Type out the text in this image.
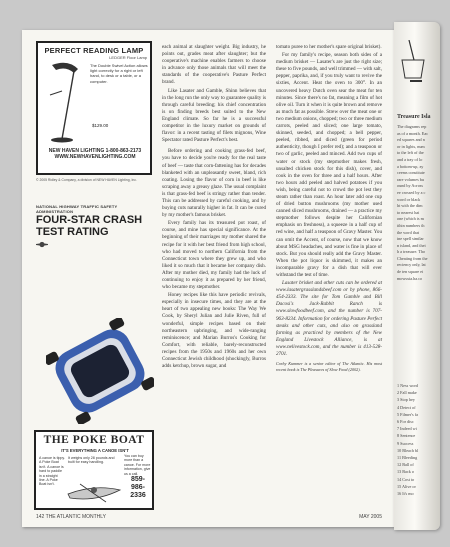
PERFECT READING LAMP
LEDGER Floor Lamp
The Double Swivel Action allows light correctly for a right or left hand, to desk or a table, or a computer.
$129.00
NEW HAVEN LIGHTING 1-800-863-2173
WWW.NEWHAVENLIGHTING.COM
© 2005 Ridley & Company, a division of NEW HAVEN Lighting, Inc.
NATIONAL HIGHWAY TRAFFIC SAFETY ADMINISTRATION
FOUR-STAR CRASH
TEST RATING
THE POKE BOAT
IT'S EVERYTHING A CANOE ISN'T
A canoe is tippy. A Poke Boat isn't. A canoe is hard to paddle in a straight line. A Poke Boat isn't.
It weighs only 28 pounds and built for easy handling.
You can buy more than a canoe. For more information, give us a call.
859-
986-
2336

each animal at slaughter weight. Big industry, he points out, grades meat after slaughter; but the cooperative's machine enables farmers to choose in advance only those animals that will meet the standards of the cooperative's Pasture Perfect brand.

Like Lasater and Gamble, Shinn believes that in the long run the only way to guarantee quality is through careful breeding; his chief concentration is on finding breeds best suited to the New England climate. So far he is a successful competitor in the luxury market on grounds of flavor: in a recent tasting of filets mignons, Wine Spectator rated Pasture Perfect's best.

Before ordering and cooking grass-fed beef, you have to decide you're ready for the real taste of beef — taste that corn-fattening has for decades blanketed with an unpleasantly sweet, bland, rich coating. Losing the flavor of corn in beef is like scraping away a greasy glaze. The usual complaint is that grass-fed beef is stringy rather than tender. This can be addressed by careful cooking, and by buying cuts naturally higher in fat. It can be cured by my mother's famous brisket.

Every family has its treasured pot roast, of course, and mine has special significance. At the beginning of their marriages my mother shared the recipe for it with her best friend from high school, who had moved to northern California from the Connecticut town where they grew up, and who liked it so much that it became her company dish. After my mother died, my family had the luck of continuing to enjoy it as prepared by her friend, who became my stepmother.

Honey recipes like this have periodic revivals, especially in insecure times, and they are at the heart of two appealing new books: The Way We Cook, by Sheryl Julian and Julie Riven, full of wonderful, simple recipes based on their northeastern upbringing, and wide-ranging reminiscence; and Marian Burros's Cooking for Comfort, with reliable, barely-reconstructed recipes from the 1950s and 1960s and her own Connecticut Jewish childhood (shockingly, Burros adds ketchup, brown sugar, and

tomato puree to her mother's spare original brisket).

For my family's recipe, season both sides of a medium brisket — Lasater's are just the right size; these to five pounds, and well trimmed — with salt, pepper, paprika, and, if you truly want to revive the sixties, Accent. Heat the oven to 300°. In an uncovered heavy Dutch oven sear the meat for ten minutes. Since there's no fat, meaning a film of hot olive oil. Turn it when it is quite brown and remove as much fat as possible. Strew over the meat one or two medium onions, chopped; two or three medium carrots, peeled and sliced; one large tomato, skinned, seeded, and chopped; a bell pepper, peeled, ribbed, and diced (green for period authenticity, though I prefer red); and a teaspoon or two of garlic, peeled and minced. Add two cups of water or stock (my stepmother makes fresh, unsalted chicken stock for this dish), cover, and cook in the oven for three and a half hours. After two hours add peeled and halved potatoes if you wish, being careful not to crowd the pot lest they steam rather than roast. An hour later add one cup of dried button mushrooms (my mother used canned sliced mushrooms, drained — a practice my stepmother follows despite her Californian emphasis on freshness), a squeeze in a half cup of red wine, and half a teaspoon of Gravy Master. You can omit the Accent, of course, now that we know about MSG headaches, and water is fine in place of stock. But you should really add the Gravy Master. When the pot liquor is skimmed, it makes an incomparable gravy for a dish that will ever withstand the test of time.

Lasater brisket and other cuts can be ordered at www.lasatergrasslandsbeef.com or by phone, 866-454-2333. The site for Tom Gamble and Bill Dacosi's Jack-Rabbit Ranch is www.slowfoodbeef.com, and the number is 707-963-8234. Information for ordering Pasture Perfect steaks and other cuts, and also on grassland farming as practiced by members of the New England Livestock Alliance, is at www.nelivestock.com, and the number is 413-528-2701.

Corby Kummer is a senior editor of The Atlantic. His most recent book is The Pleasures of Slow Food (2002).

142 THE ATLANTIC MONTHLY	MAY 2005
Treasure Isla
The diagrams rep
as of a month. Eac
ed squares and n
or in lights, num
to the left of the
and a tray of lo
a bottom-up, zy
ceems constitute
rare volumes bu
ound by Across
ee crossed by a c
word or black
ht with the dim
to nearest hai
one (which is m
ithin numbers th
the word that
ine spell similar
n island, and thei
h a treasure. Tho
Cheating from the
reciency only, lat
de ten square ei
mowsxia.ha.co
1 Ness word
2 Fall make
3 Stop hey
4 Detect of
5 Filmer's fa
6 For disc
7 Indeed wi
8 Sentence
9 Success
10 Bleach bl
11 Bleeding
12 Ball of
13 Back o
14 Cost to
15 Alive or
16 It's mo
